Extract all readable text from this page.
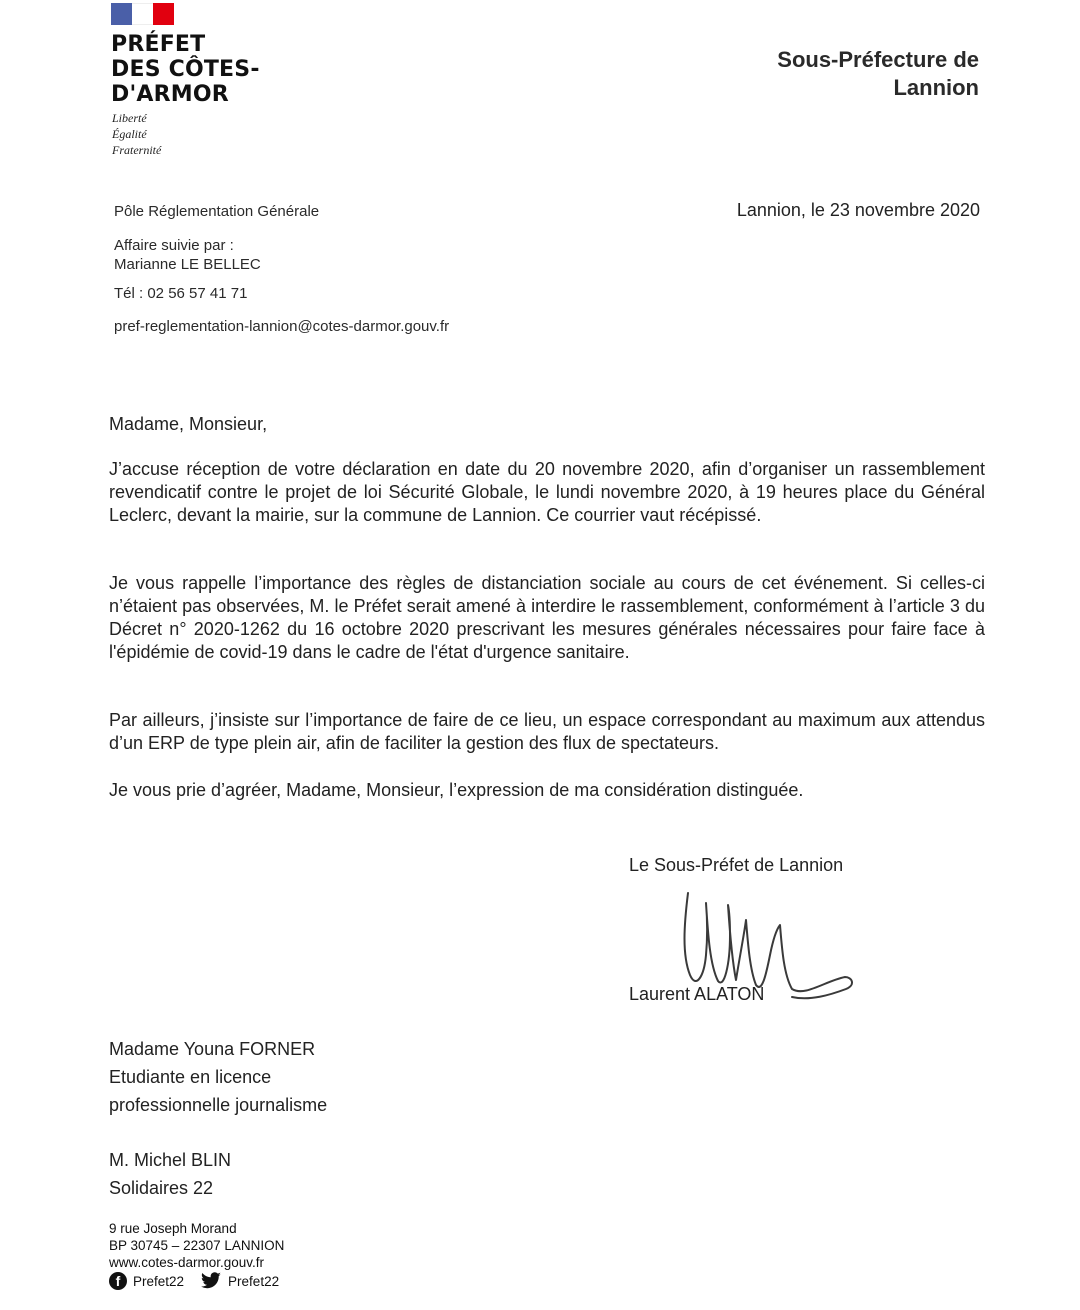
PRÉFET
DES CÔTES-
D'ARMOR
Liberté
Égalité
Fraternité
Sous-Préfecture de
Lannion
Pôle Réglementation Générale
Affaire suivie par :
Marianne LE BELLEC
Tél : 02 56 57 41 71
pref-reglementation-lannion@cotes-darmor.gouv.fr
Lannion, le 23 novembre 2020
Madame, Monsieur,

J’accuse réception de votre déclaration en date du 20 novembre 2020, afin d’organiser un rassemblement revendicatif contre le projet de loi Sécurité Globale, le lundi novembre 2020, à 19 heures place du Général Leclerc, devant la mairie, sur la commune de Lannion. Ce courrier vaut récépissé.

Je vous rappelle l’importance des règles de distanciation sociale au cours de cet événement. Si celles-ci n’étaient pas observées, M. le Préfet serait amené à interdire le rassemblement, conformément à l’article 3 du Décret n° 2020-1262 du 16 octobre 2020 prescrivant les mesures générales nécessaires pour faire face à l'épidémie de covid-19 dans le cadre de l'état d'urgence sanitaire.

Par ailleurs, j’insiste sur l’importance de faire de ce lieu, un espace correspondant au maximum aux attendus d’un ERP de type plein air, afin de faciliter la gestion des flux de spectateurs.

Je vous prie d’agréer, Madame, Monsieur, l’expression de ma considération distinguée.

Le Sous-Préfet de Lannion
Laurent ALATON
Madame Youna FORNER
Etudiante en licence
professionnelle journalisme
M. Michel BLIN
Solidaires 22
9 rue Joseph Morand
BP 30745 – 22307 LANNION
www.cotes-darmor.gouv.fr
f Prefet22	Prefet22
